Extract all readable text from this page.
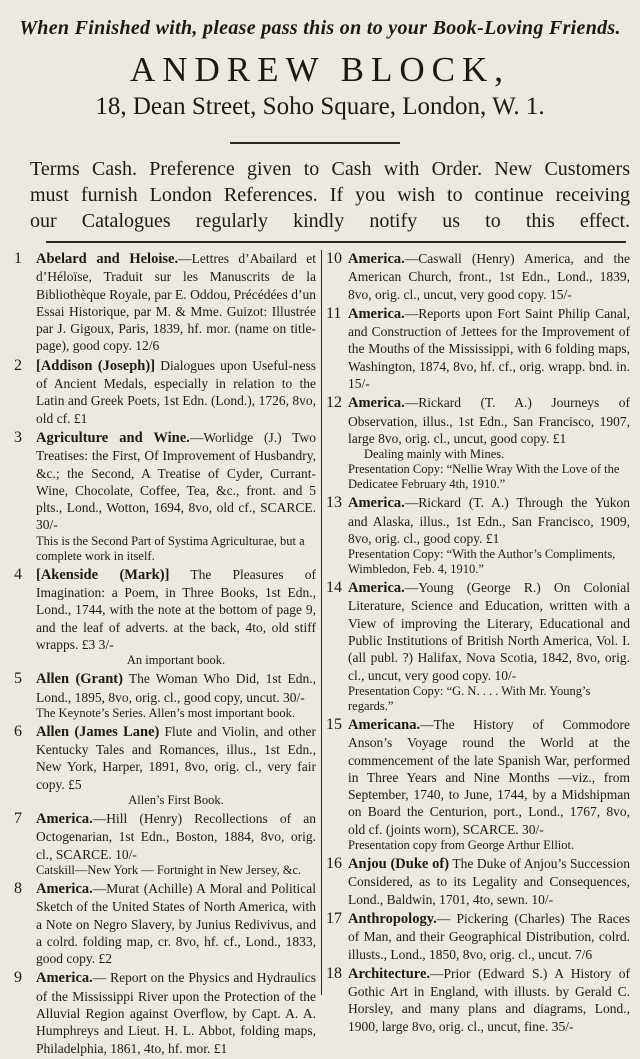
When Finished with, please pass this on to your Book-Loving Friends.
ANDREW BLOCK,
18, Dean Street, Soho Square, London, W. 1.
Terms Cash. Preference given to Cash with Order. New Customers
must furnish London References. If you wish to continue receiving
our Catalogues regularly kindly notify us to this effect.
1 Abelard and Heloise.—Lettres d’Abailard et d’Héloïse, Traduit sur les Manuscrits de la Bibliothèque Royale, par E. Oddou, Précédées d’un Essai Historique, par M. & Mme. Guizot: Illustrée par J. Gigoux, Paris, 1839, hf. mor. (name on title-page), good copy. 12/6
2 [Addison (Joseph)] Dialogues upon Useful-ness of Ancient Medals, especially in relation to the Latin and Greek Poets, 1st Edn. (Lond.), 1726, 8vo, old cf. £1
3 Agriculture and Wine.—Worlidge (J.) Two Treatises: the First, Of Improvement of Husbandry, &c.; the Second, A Treatise of Cyder, Currant-Wine, Chocolate, Coffee, Tea, &c., front. and 5 plts., Lond., Wotton, 1694, 8vo, old cf., SCARCE. 30/-
This is the Second Part of Systima Agriculturae, but a complete work in itself.
4 [Akenside (Mark)] The Pleasures of Imagination: a Poem, in Three Books, 1st Edn., Lond., 1744, with the note at the bottom of page 9, and the leaf of adverts. at the back, 4to, old stiff wrapps. £3 3/-
An important book.
5 Allen (Grant) The Woman Who Did, 1st Edn., Lond., 1895, 8vo, orig. cl., good copy, uncut. 30/-
The Keynote’s Series. Allen’s most important book.
6 Allen (James Lane) Flute and Violin, and other Kentucky Tales and Romances, illus., 1st Edn., New York, Harper, 1891, 8vo, orig. cl., very fair copy. £5
Allen’s First Book.
7 America.—Hill (Henry) Recollections of an Octogenarian, 1st Edn., Boston, 1884, 8vo, orig. cl., SCARCE. 10/-
Catskill—New York — Fortnight in New Jersey, &c.
8 America.—Murat (Achille) A Moral and Political Sketch of the United States of North America, with a Note on Negro Slavery, by Junius Redivivus, and a colrd. folding map, cr. 8vo, hf. cf., Lond., 1833, good copy. £2
9 America.— Report on the Physics and Hydraulics of the Mississippi River upon the Protection of the Alluvial Region against Overflow, by Capt. A. A. Humphreys and Lieut. H. L. Abbot, folding maps, Philadelphia, 1861, 4to, hf. mor. £1
10 America.—Caswall (Henry) America, and the American Church, front., 1st Edn., Lond., 1839, 8vo, orig. cl., uncut, very good copy. 15/-
11 America.—Reports upon Fort Saint Philip Canal, and Construction of Jettees for the Improvement of the Mouths of the Mississippi, with 6 folding maps, Washington, 1874, 8vo, hf. cf., orig. wrapp. bnd. in. 15/-
12 America.—Rickard (T. A.) Journeys of Observation, illus., 1st Edn., San Francisco, 1907, large 8vo, orig. cl., uncut, good copy. £1
Dealing mainly with Mines.
Presentation Copy: “Nellie Wray With the Love of the Dedicatee February 4th, 1910.”
13 America.—Rickard (T. A.) Through the Yukon and Alaska, illus., 1st Edn., San Francisco, 1909, 8vo, orig. cl., good copy. £1
Presentation Copy: “With the Author’s Compliments, Wimbledon, Feb. 4, 1910.”
14 America.—Young (George R.) On Colonial Literature, Science and Education, written with a View of improving the Literary, Educational and Public Institutions of British North America, Vol. I. (all publ. ?) Halifax, Nova Scotia, 1842, 8vo, orig. cl., uncut, very good copy. 10/-
Presentation Copy: “G. N. . . . With Mr. Young’s regards.”
15 Americana.—The History of Commodore Anson’s Voyage round the World at the commencement of the late Spanish War, performed in Three Years and Nine Months —viz., from September, 1740, to June, 1744, by a Midshipman on Board the Centurion, port., Lond., 1767, 8vo, old cf. (joints worn), SCARCE. 30/-
Presentation copy from George Arthur Elliot.
16 Anjou (Duke of) The Duke of Anjou’s Succession Considered, as to its Legality and Consequences, Lond., Baldwin, 1701, 4to, sewn. 10/-
17 Anthropology.— Pickering (Charles) The Races of Man, and their Geographical Distribution, colrd. illusts., Lond., 1850, 8vo, orig. cl., uncut. 7/6
18 Architecture.—Prior (Edward S.) A History of Gothic Art in England, with illusts. by Gerald C. Horsley, and many plans and diagrams, Lond., 1900, large 8vo, orig. cl., uncut, fine. 35/-
